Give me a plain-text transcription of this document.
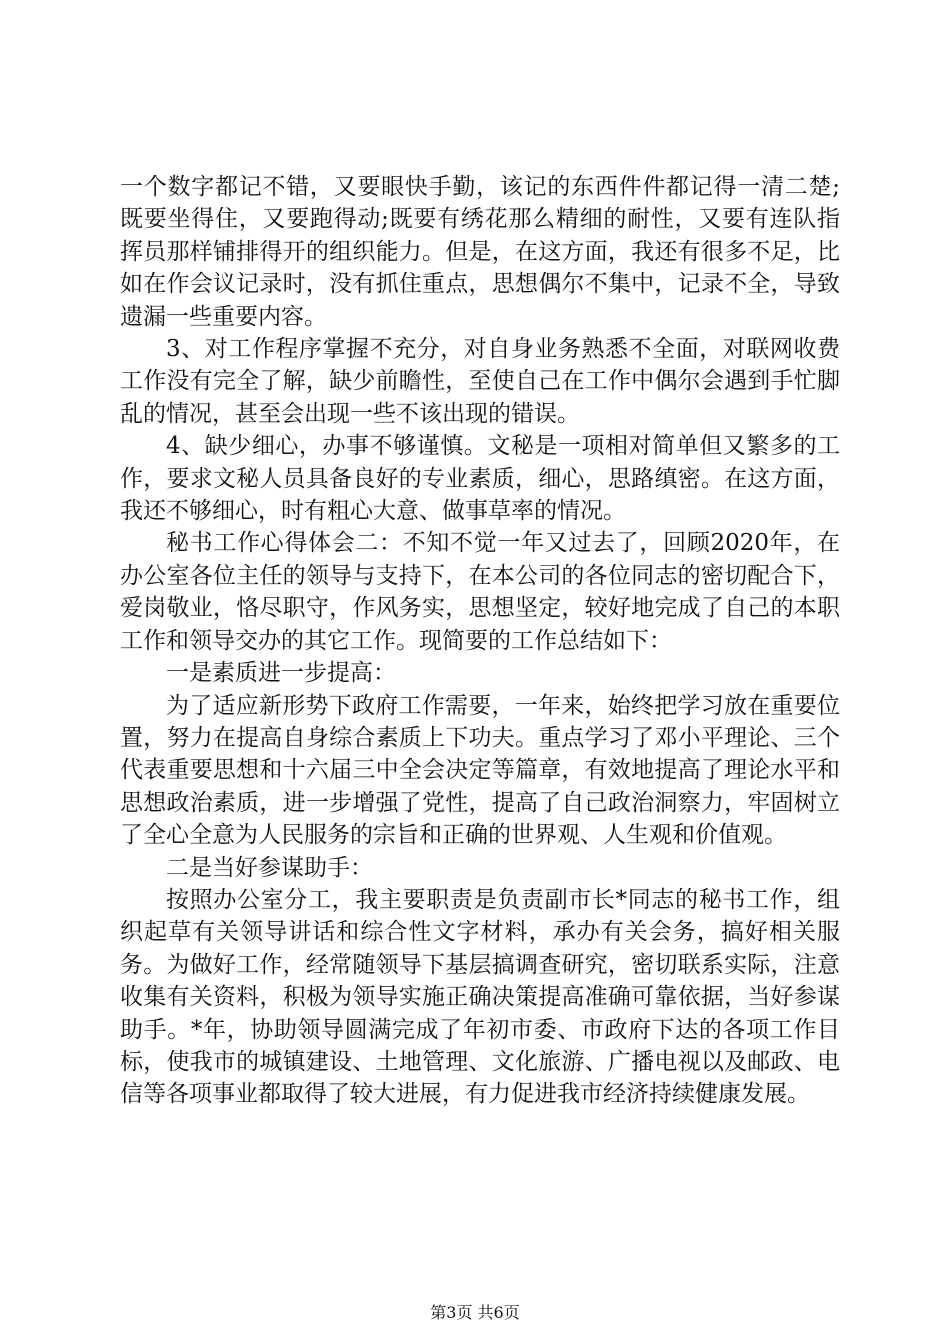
一个数字都记不错，又要眼快手勤，该记的东西件件都记得一清二楚;既要坐得住，又要跑得动;既要有绣花那么精细的耐性，又要有连队指挥员那样铺排得开的组织能力。但是，在这方面，我还有很多不足，比如在作会议记录时，没有抓住重点，思想偶尔不集中，记录不全，导致遗漏一些重要内容。

3、对工作程序掌握不充分，对自身业务熟悉不全面，对联网收费工作没有完全了解，缺少前瞻性，至使自己在工作中偶尔会遇到手忙脚乱的情况，甚至会出现一些不该出现的错误。

4、缺少细心，办事不够谨慎。文秘是一项相对简单但又繁多的工作，要求文秘人员具备良好的专业素质，细心，思路缜密。在这方面，我还不够细心，时有粗心大意、做事草率的情况。

秘书工作心得体会二：不知不觉一年又过去了，回顾2020年，在办公室各位主任的领导与支持下，在本公司的各位同志的密切配合下，爱岗敬业，恪尽职守，作风务实，思想坚定，较好地完成了自己的本职工作和领导交办的其它工作。现简要的工作总结如下：

一是素质进一步提高：

为了适应新形势下政府工作需要，一年来，始终把学习放在重要位置，努力在提高自身综合素质上下功夫。重点学习了邓小平理论、三个代表重要思想和十六届三中全会决定等篇章，有效地提高了理论水平和思想政治素质，进一步增强了党性，提高了自己政治洞察力，牢固树立了全心全意为人民服务的宗旨和正确的世界观、人生观和价值观。

二是当好参谋助手：

按照办公室分工，我主要职责是负责副市长*同志的秘书工作，组织起草有关领导讲话和综合性文字材料，承办有关会务，搞好相关服务。为做好工作，经常随领导下基层搞调查研究，密切联系实际，注意收集有关资料，积极为领导实施正确决策提高准确可靠依据，当好参谋助手。*年，协助领导圆满完成了年初市委、市政府下达的各项工作目标，使我市的城镇建设、土地管理、文化旅游、广播电视以及邮政、电信等各项事业都取得了较大进展，有力促进我市经济持续健康发展。

第3页 共6页
